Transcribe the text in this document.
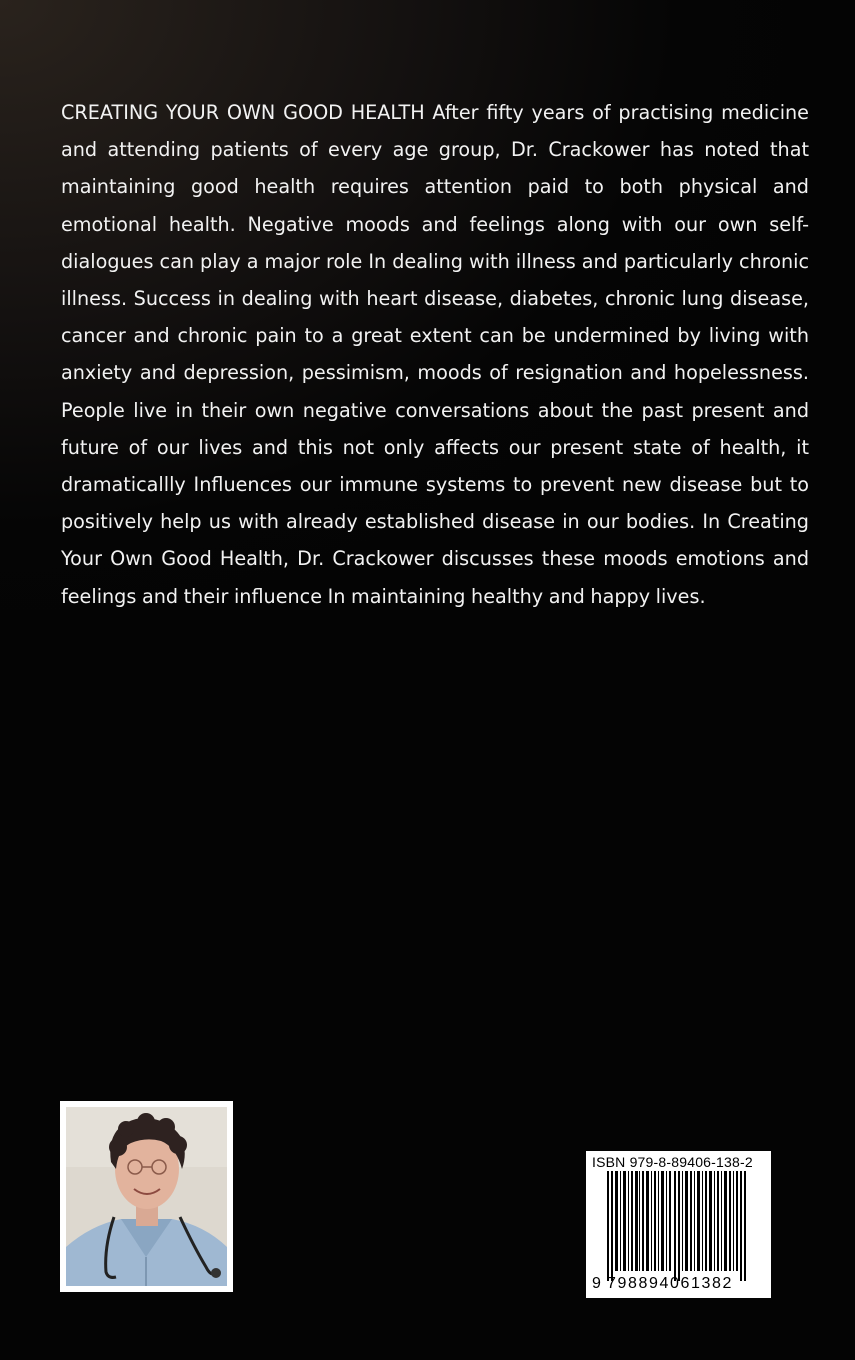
CREATING YOUR OWN GOOD HEALTH After fifty years of practising medicine and attending patients of every age group, Dr. Crackower has noted that maintaining good health requires attention paid to both physical and emotional health. Negative moods and feelings along with our own self-dialogues can play a major role In dealing with illness and particularly chronic illness. Success in dealing with heart disease, diabetes, chronic lung disease, cancer and chronic pain to a great extent can be undermined by living with anxiety and depression, pessimism, moods of resignation and hopelessness. People live in their own negative conversations about the past present and future of our lives and this not only affects our present state of health, it dramaticallly Influences our immune systems to prevent new disease but to positively help us with already established disease in our bodies. In Creating Your Own Good Health, Dr. Crackower discusses these moods emotions and feelings and their influence In maintaining healthy and happy lives.

ISBN 979-8-89406-138-2
9 798894061382
